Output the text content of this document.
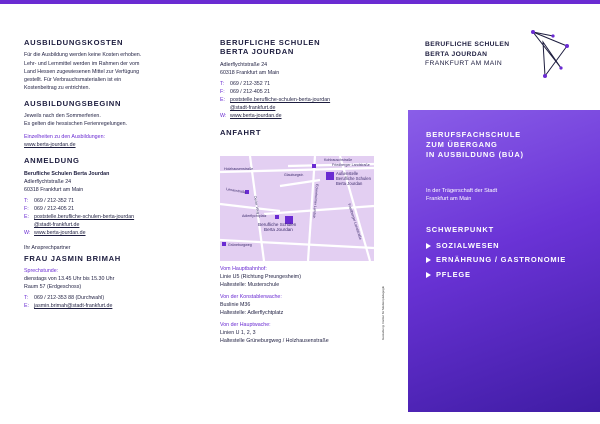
AUSBILDUNGSKOSTEN
Für die Ausbildung werden keine Kosten erhoben.
Lehr- und Lernmittel werden im Rahmen der vom
Land Hessen zugewiesenen Mittel zur Verfügung
gestellt. Für Verbrauchsmaterialien ist ein
Kostenbeitrag zu entrichten.
AUSBILDUNGSBEGINN
Jeweils nach den Sommerferien.
Es gelten die hessischen Ferienregelungen.
Einzelheiten zu den Ausbildungen:
www.berta-jourdan.de
ANMELDUNG
Berufliche Schulen Berta Jourdan
Adlerflychtstraße 24
60318 Frankfurt am Main
T: 069 / 212-352 71
F: 069 / 212-405 21
E: poststelle.berufliche-schulen-berta-jourdan
@stadt-frankfurt.de
W: www.berta-jourdan.de
Ihr Ansprechpartner
FRAU JASMIN BRIMAH
Sprechstunde:
dienstags von 13.45 Uhr bis 15.30 Uhr
Raum 57 (Erdgeschoss)
T: 069 / 212-353 88 (Durchwahl)
E: jasmin.brimah@stadt-frankfurt.de
BERUFLICHE SCHULEN
BERTA JOURDAN
Adlerflychtstraße 24
60318 Frankfurt am Main
T: 069 / 212-352 71
F: 069 / 212-405 21
E: poststelle.berufliche-schulen-berta-jourdan
@stadt-frankfurt.de
W: www.berta-jourdan.de
ANFAHRT
Holzhausenstraße
Kohlrauschstraße
Friedberger Landstraße
Glauburgstr.	Außenstelle
Berufliche Schulen
Berta Jourdan
Lenaustraße
Adlerflychtplatz
Berufliche Schulen
Berta Jourdan
Oeder Weg	Eckenheimer Landstr.
Friedberger Landstraße
Grüneburgweg
Vom Hauptbahnhof:
Linie U5 (Richtung Preungesheim)
Haltestelle: Musterschule
Von der Konstablerwache:
Buslinie M36
Haltestelle: Adlerflychtplatz
Von der Hauptwache:
Linien U 1, 2, 3
Haltestelle Grüneburgweg / Holzhausenstraße
BERUFLICHE SCHULEN
BERTA JOURDAN
FRANKFURT AM MAIN
BERUFSFACHSCHULE
ZUM ÜBERGANG
IN AUSBILDUNG (BÜA)
In der Trägerschaft der Stadt
Frankfurt am Main
SCHWERPUNKT
SOZIALWESEN
ERNÄHRUNG / GASTRONOMIE
PFLEGE
Gestaltung: Institut für Medienpädagogik
